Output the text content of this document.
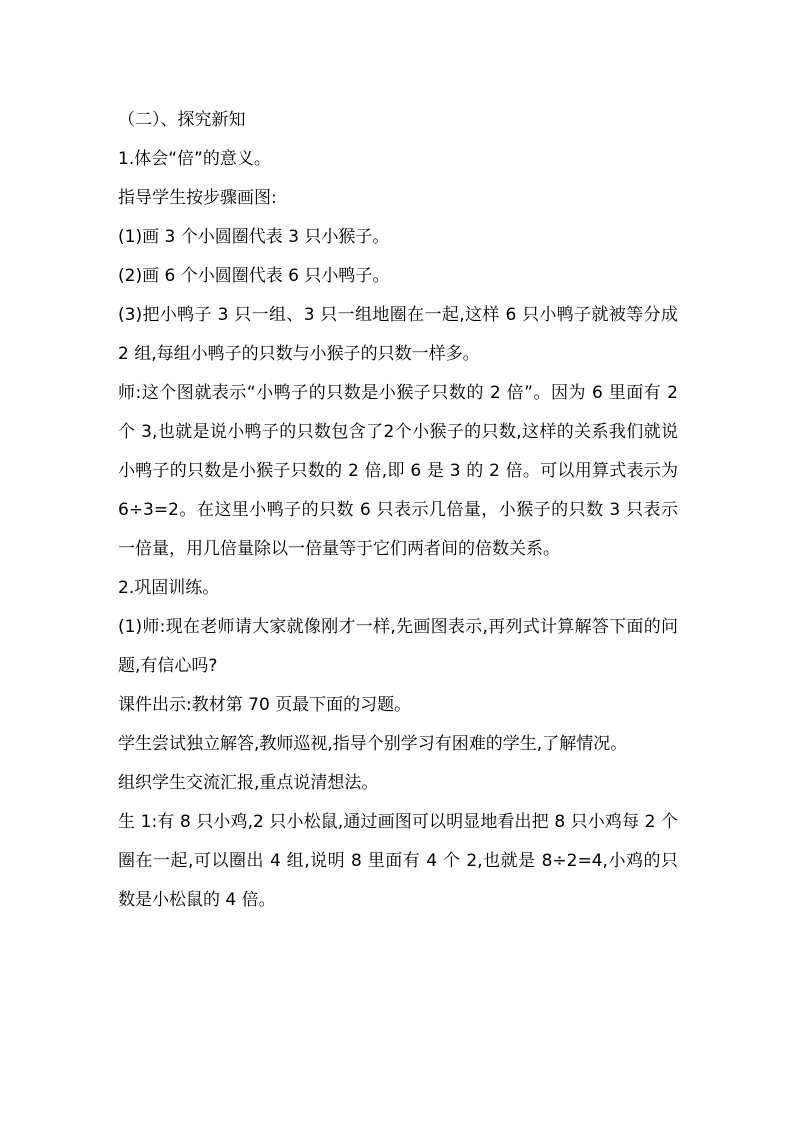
（二）、探究新知

1.体会“倍”的意义。

指导学生按步骤画图:

(1)画 3 个小圆圈代表 3 只小猴子。

(2)画 6 个小圆圈代表 6 只小鸭子。

(3)把小鸭子 3 只一组、3 只一组地圈在一起,这样 6 只小鸭子就被等分成 2 组,每组小鸭子的只数与小猴子的只数一样多。

师:这个图就表示“小鸭子的只数是小猴子只数的 2 倍”。因为 6 里面有 2 个 3,也就是说小鸭子的只数包含了2个小猴子的只数,这样的关系我们就说小鸭子的只数是小猴子只数的 2 倍,即 6 是 3 的 2 倍。可以用算式表示为 6÷3=2。在这里小鸭子的只数 6 只表示几倍量，小猴子的只数 3 只表示一倍量，用几倍量除以一倍量等于它们两者间的倍数关系。

2.巩固训练。

(1)师:现在老师请大家就像刚才一样,先画图表示,再列式计算解答下面的问题,有信心吗?

课件出示:教材第 70 页最下面的习题。

学生尝试独立解答,教师巡视,指导个别学习有困难的学生,了解情况。

组织学生交流汇报,重点说清想法。

生 1:有 8 只小鸡,2 只小松鼠,通过画图可以明显地看出把 8 只小鸡每 2 个圈在一起,可以圈出 4 组,说明 8 里面有 4 个 2,也就是 8÷2=4,小鸡的只数是小松鼠的 4 倍。
